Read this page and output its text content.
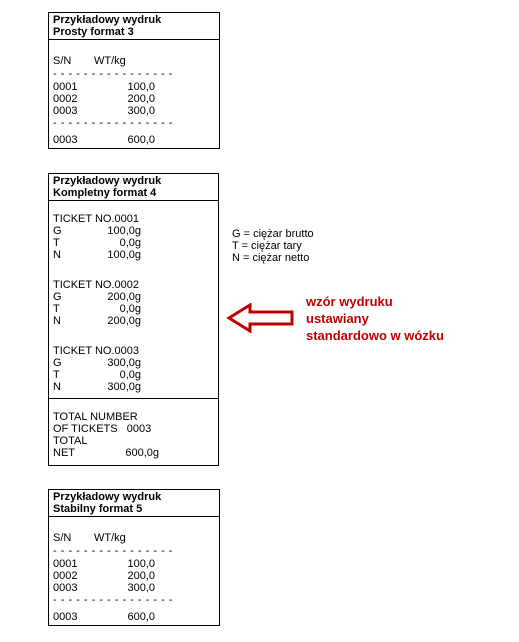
Przykładowy wydruk
Prosty format 3
S/N WT/kg
- - - - - - - - - - - - - - - -
0001	100,0
0002	200,0
0003	300,0
- - - - - - - - - - - - - - - -
0003	600,0
Przykładowy wydruk
Kompletny format 4
TICKET NO.0001
G	100,0g
T	0,0g
N	100,0g
TICKET NO.0002
G	200,0g
T	0,0g
N	200,0g
TICKET NO.0003
G	300,0g
T	0,0g
N	300,0g
TOTAL NUMBER
OF TICKETS   0003
TOTAL
NET	600,0g
Przykładowy wydruk
Stabilny format 5
S/N WT/kg
- - - - - - - - - - - - - - - -
0001	100,0
0002	200,0
0003	300,0
- - - - - - - - - - - - - - - -
0003	600,0
G = ciężar brutto
T = ciężar tary
N = ciężar netto
wzór wydruku ustawiany standardowo w wózku
